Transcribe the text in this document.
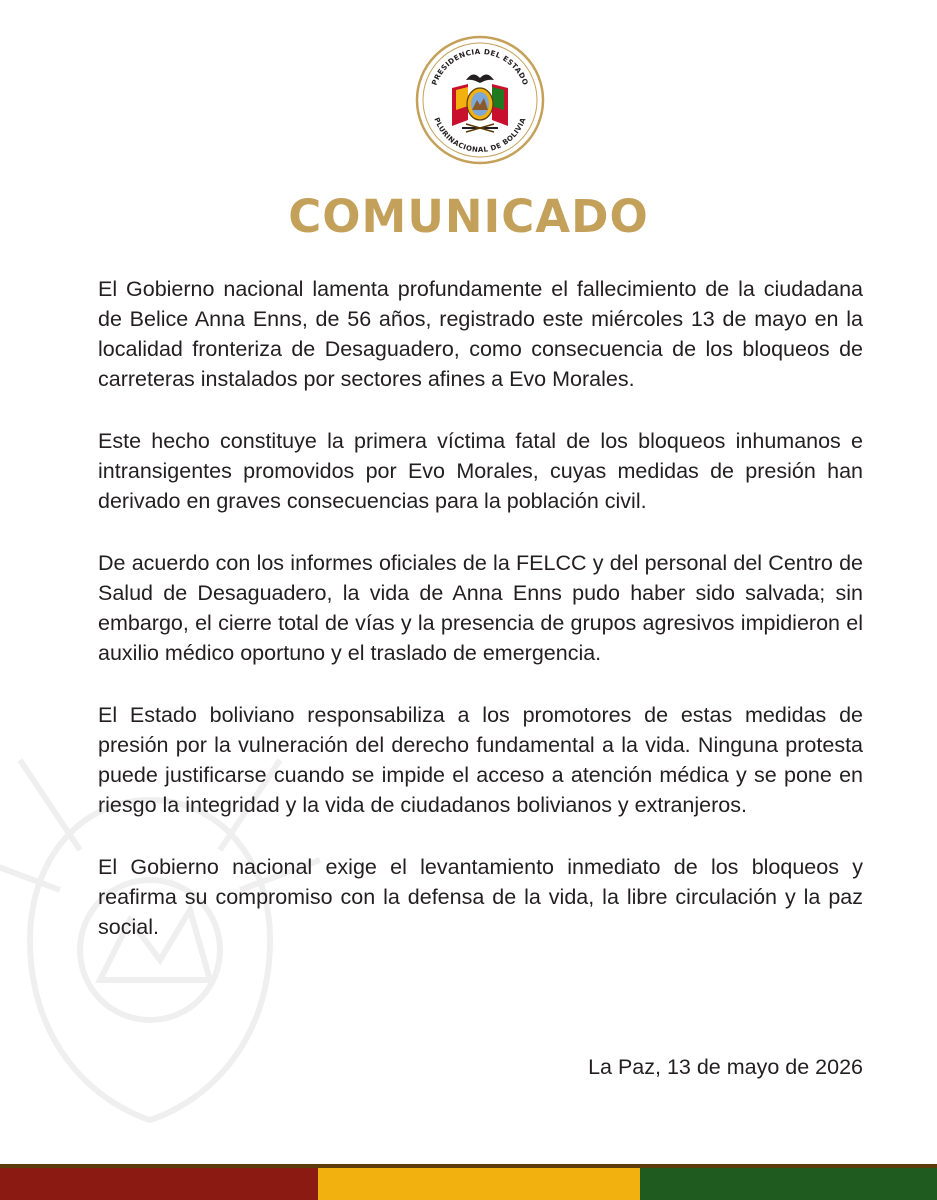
PRESIDENCIA DEL ESTADO
PLURINACIONAL DE BOLIVIA
COMUNICADO

El Gobierno nacional lamenta profundamente el fallecimiento de la ciudadana de Belice Anna Enns, de 56 años, registrado este miércoles 13 de mayo en la localidad fronteriza de Desaguadero, como consecuencia de los bloqueos de carreteras instalados por sectores afines a Evo Morales.

Este hecho constituye la primera víctima fatal de los bloqueos inhumanos e intransigentes promovidos por Evo Morales, cuyas medidas de presión han derivado en graves consecuencias para la población civil.

De acuerdo con los informes oficiales de la FELCC y del personal del Centro de Salud de Desaguadero, la vida de Anna Enns pudo haber sido salvada; sin embargo, el cierre total de vías y la presencia de grupos agresivos impidieron el auxilio médico oportuno y el traslado de emergencia.

El Estado boliviano responsabiliza a los promotores de estas medidas de presión por la vulneración del derecho fundamental a la vida. Ninguna protesta puede justificarse cuando se impide el acceso a atención médica y se pone en riesgo la integridad y la vida de ciudadanos bolivianos y extranjeros.

El Gobierno nacional exige el levantamiento inmediato de los bloqueos y reafirma su compromiso con la defensa de la vida, la libre circulación y la paz social.

La Paz, 13 de mayo de 2026
